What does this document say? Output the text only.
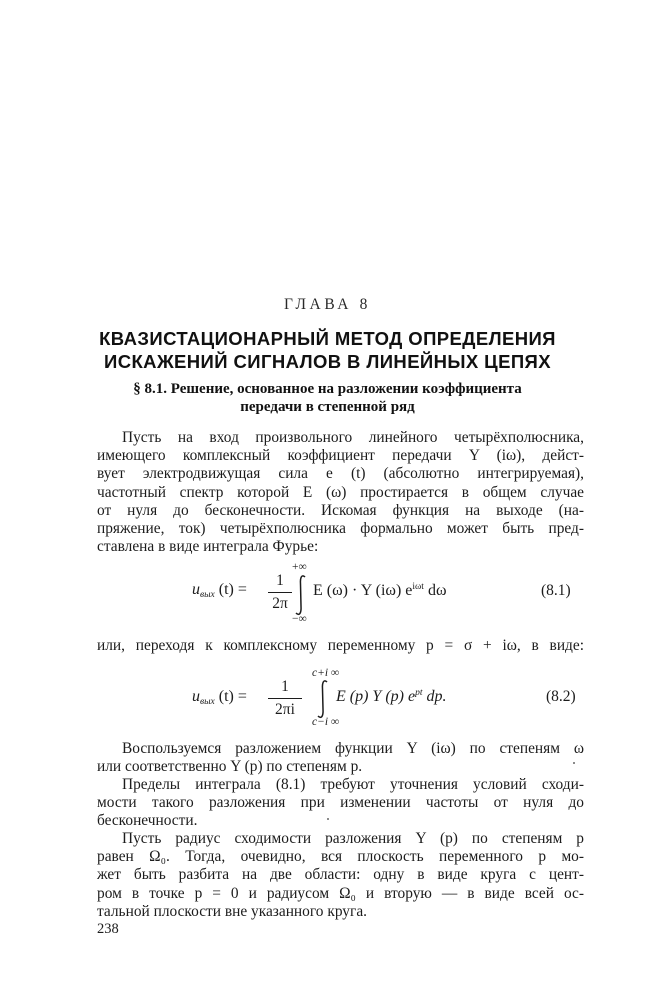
ГЛАВА 8
КВАЗИСТАЦИОНАРНЫЙ МЕТОД ОПРЕДЕЛЕНИЯ
ИСКАЖЕНИЙ СИГНАЛОВ В ЛИНЕЙНЫХ ЦЕПЯХ
§ 8.1. Решение, основанное на разложении коэффициента
передачи в степенной ряд
Пусть на вход произвольного линейного четырёхполюсника,
имеющего комплексный коэффициент передачи Y (iω), дейст-
вует электродвижущая сила e (t) (абсолютно интегрируемая),
частотный спектр которой E (ω) простирается в общем случае
от нуля до бесконечности. Искомая функция на выходе (на-
пряжение, ток) четырёхполюсника формально может быть пред-
ставлена в виде интеграла Фурье:
$u_{вых}$ (t) =
1
2π
+∞
−∞
E (ω) · Y (iω) $e^{i\omega t}$ dω	(8.1)
или, переходя к комплексному переменному p = σ + iω, в виде:
$u_{вых}$ (t) =
1
2πi
c+i ∞
c−i ∞
E (p) Y (p) $e^{pt}$ dp.	(8.2)
Воспользуемся разложением функции Y (iω) по степеням ω
или соответственно Y (p) по степеням p.
Пределы интеграла (8.1) требуют уточнения условий сходи-
мости такого разложения при изменении частоты от нуля до
бесконечности.
Пусть радиус сходимости разложения Y (p) по степеням p
равен Ω₀. Тогда, очевидно, вся плоскость переменного p мо-
жет быть разбита на две области: одну в виде круга с цент-
ром в точке p = 0 и радиусом Ω₀ и вторую — в виде всей ос-
тальной плоскости вне указанного круга.
238
